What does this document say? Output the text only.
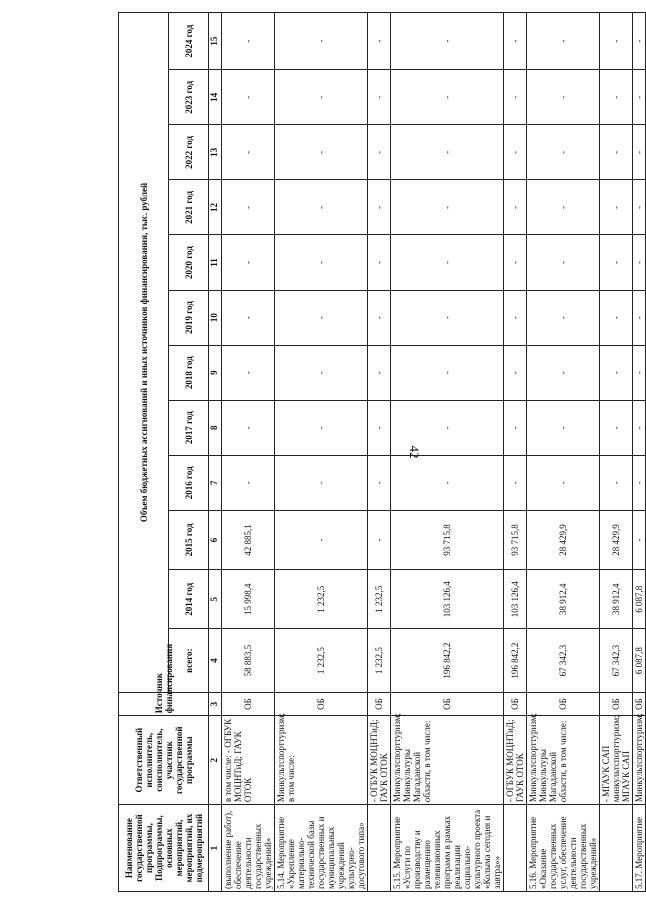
42
Наименование государственной программы, Подпрограммы, основных мероприятий, мероприятий, их подмероприятий	Ответственный исполнитель, соисполнитель, участник государственной программы	Источник финансирования	Объем бюджетных ассигнований и иных источников финансирования, тыс. рублей											
			всего:	2014 год	2015 год	2016 год	2017 год	2018 год	2019 год	2020 год	2021 год	2022 год	2023 год	2024 год
1	2	3	4	5	6	7	8	9	10	11	12	13	14	15
(выполнение работ), обеспечение деятельности государственных учреждений»	в том числе: - ОГБУК МОЦНТиД; ГАУК ОТОК	ОБ	58 883,5	15 998,4	42 885,1	-	-	-	-	-	-	-	-	-
5.14. Мероприятие «Укрепление материально-технической базы государственных и муниципальных учреждений культурно-досугового типа»	Минкультспорттуризм; в том числе:	ОБ	1 232,5	1 232,5	-	-	-	-	-	-	-	-	-	-
	- ОГБУК МОЦНТиД; ГАУК ОТОК	ОБ	1 232,5	1 232,5	-	-	-	-	-	-	-	-	-	-
5.15. Мероприятие «Услуги по производству и размещению телевизионных программ в рамках реализации социально-культурного проекта «Колыма сегодня и завтра»»	Минкультспорттуризм; Минкультуры Магаданской области, в том числе:	ОБ	196 842,2	103 126,4	93 715,8	-	-	-	-	-	-	-	-	-
	- ОГБУК МОЦНТиД; ГАУК ОТОК	ОБ	196 842,2	103 126,4	93 715,8	-	-	-	-	-	-	-	-	-
5.16. Мероприятие «Оказание государственных услуг, обеспечение деятельности государственных учреждений»	Минкультспорттуризм; Минкультуры Магаданской области, в том числе:	ОБ	67 342,3	38 912,4	28 429,9	-	-	-	-	-	-	-	-	-
	- МГАУК САП минкультспорттуризм; МГАУК САП	ОБ	67 342,3	38 912,4	28 429,9	-	-	-	-	-	-	-	-	-
5.17. Мероприятие	Минкультспорттуризм;	ОБ	6 087,8	6 087,8	-	-	-	-	-	-	-	-	-	-
